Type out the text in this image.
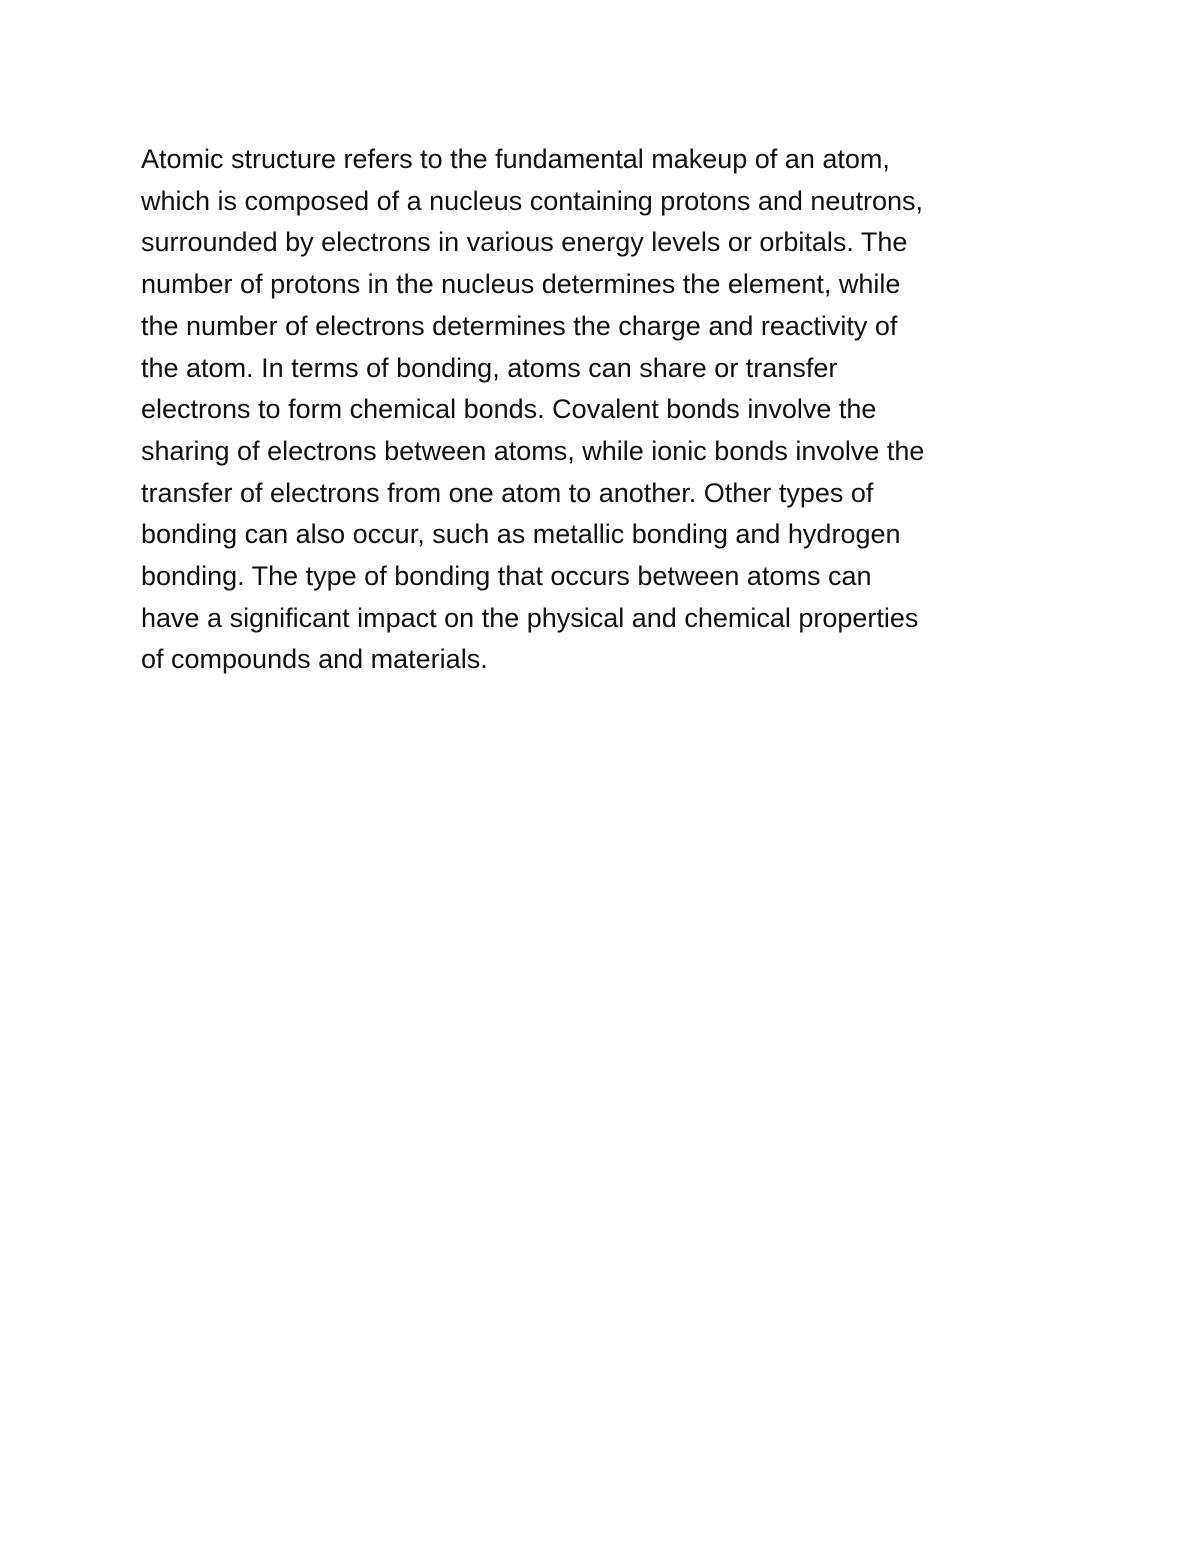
Atomic structure refers to the fundamental makeup of an atom,
which is composed of a nucleus containing protons and neutrons,
surrounded by electrons in various energy levels or orbitals. The
number of protons in the nucleus determines the element, while
the number of electrons determines the charge and reactivity of
the atom. In terms of bonding, atoms can share or transfer
electrons to form chemical bonds. Covalent bonds involve the
sharing of electrons between atoms, while ionic bonds involve the
transfer of electrons from one atom to another. Other types of
bonding can also occur, such as metallic bonding and hydrogen
bonding. The type of bonding that occurs between atoms can
have a significant impact on the physical and chemical properties
of compounds and materials.
